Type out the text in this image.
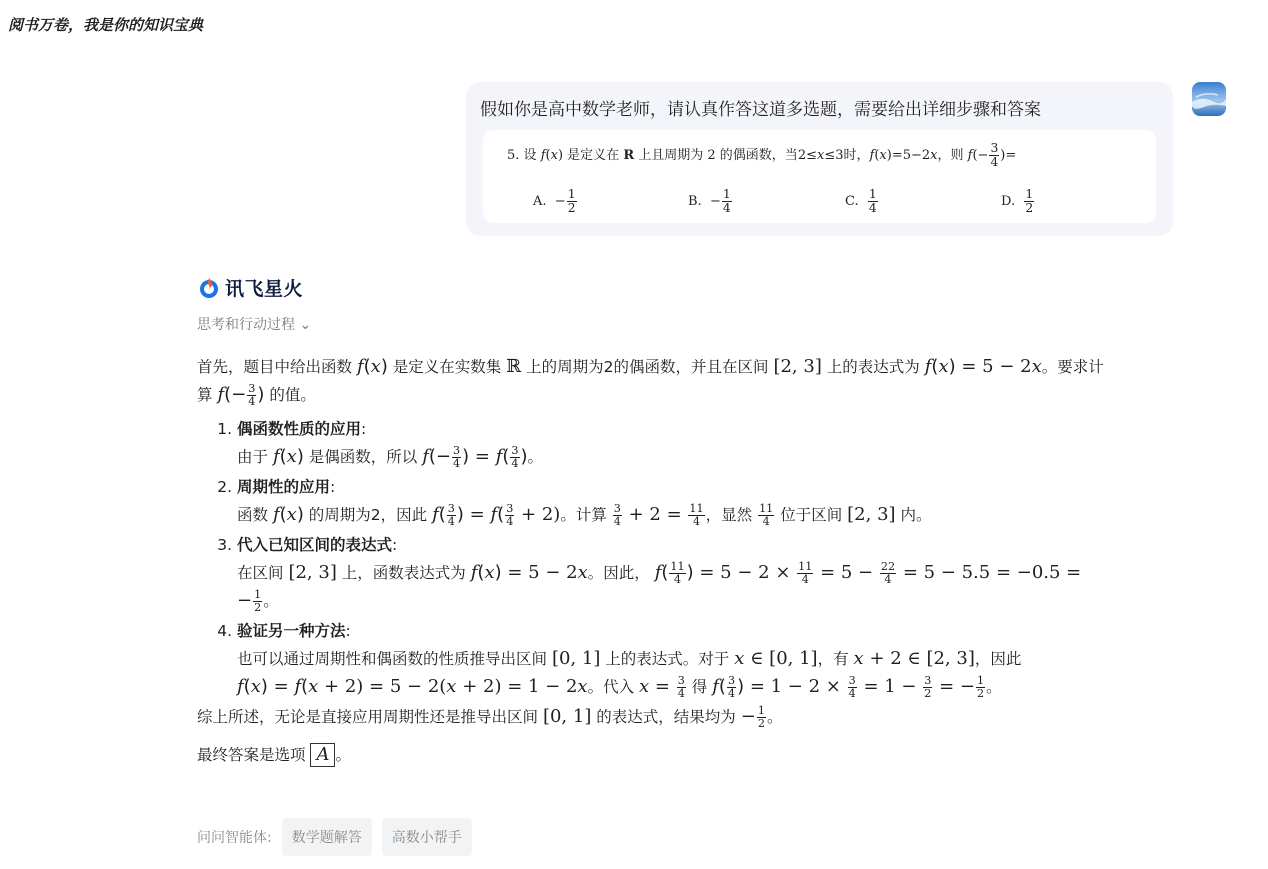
阅书万卷，我是你的知识宝典
假如你是高中数学老师，请认真作答这道多选题，需要给出详细步骤和答案
5. 设 f(x) 是定义在 R 上且周期为 2 的偶函数，当2≤x≤3时，f(x)=5−2x，则 $f(- \frac{3}{4}$ )=
A. − $\frac{1}{2}$	B. − $\frac{1}{4}$	C. $\frac{1}{4}$	D. $\frac{1}{2}$
讯飞星火
思考和行动过程 ⌄

首先，题目中给出函数 f(x) 是定义在实数集 ℝ 上的周期为2的偶函数，并且在区间 [2, 3] 上的表达式为 f(x) = 5 − 2x。要求计
算 $f(- \frac{3}{4}$ ) 的值。

1. 偶函数性质的应用:
由于 f(x) 是偶函数，所以 $f(- \frac{3}{4}$ ) = $f( \frac{3}{4}$ )。
2. 周期性的应用:
函数 f(x) 的周期为2，因此 $f( \frac{3}{4}$ ) = $f( \frac{3}{4} + 2)$。计算 $\frac{3}{4} + 2 = \frac{11}{4}$ ，显然 $\frac{11}{4}$ 位于区间 [2, 3] 内。
3. 代入已知区间的表达式:
在区间 [2, 3] 上，函数表达式为 f(x) = 5 − 2x。因此， $f( \frac{11}{4}$ ) = $5 - 2 \times \frac{11}{4} = 5 - \frac{22}{4} = 5 - 5.5 = -0.5$ =
− $\frac{1}{2}$ 。
4. 验证另一种方法:
也可以通过周期性和偶函数的性质推导出区间 [0, 1] 上的表达式。对于 x ∈ [0, 1]，有 x + 2 ∈ [2, 3]，因此
f(x) = f(x + 2) = 5 − 2(x + 2) = 1 − 2x。代入 $x = \frac{3}{4}$ 得 $f( \frac{3}{4}$ ) = $1 - 2 \times \frac{3}{4} = 1 - \frac{3}{2}$ = − $\frac{1}{2}$ 。

综上所述，无论是直接应用周期性还是推导出区间 [0, 1] 的表达式，结果均为 − $\frac{1}{2}$ 。

最终答案是选项 A 。

问问智能体:	数学题解答	高数小帮手
